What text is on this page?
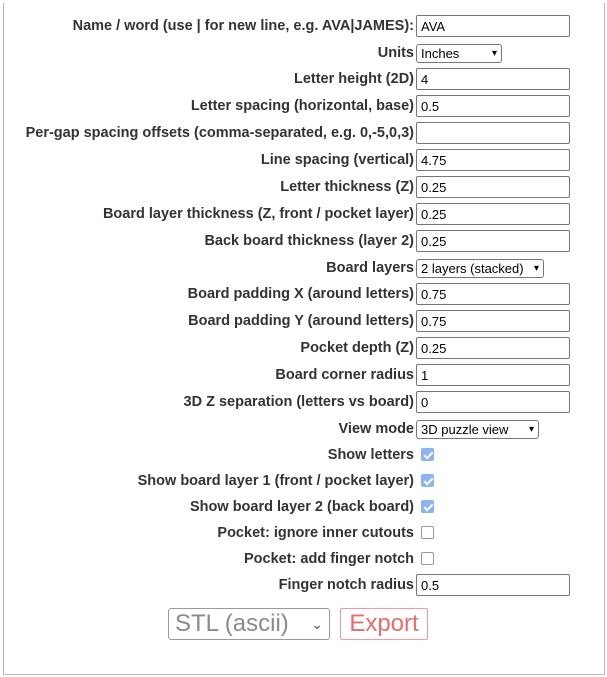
Name / word (use | for new line, e.g. AVA|JAMES):
AVA
Units Inches	▾
Letter height (2D)
4
Letter spacing (horizontal, base)
0.5
Per-gap spacing offsets (comma-separated, e.g. 0,-5,0,3)
Line spacing (vertical)
4.75
Letter thickness (Z)
0.25
Board layer thickness (Z, front / pocket layer)
0.25
Back board thickness (layer 2)
0.25
Board layers 2 layers (stacked) ▾
Board padding X (around letters)
0.75
Board padding Y (around letters)
0.75
Pocket depth (Z)
0.25
Board corner radius
1
3D Z separation (letters vs board)
0
View mode 3D puzzle view ▾
Show letters
Show board layer 1 (front / pocket layer)
Show board layer 2 (back board)
Pocket: ignore inner cutouts
Pocket: add finger notch
Finger notch radius
0.5
STL (ascii) ⌄	Export
